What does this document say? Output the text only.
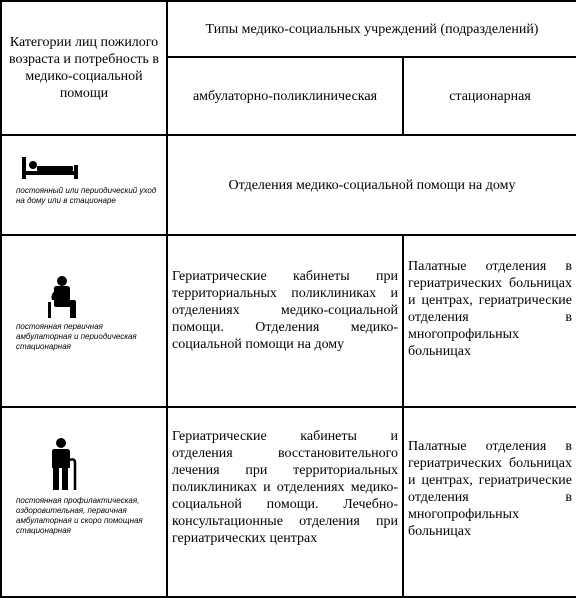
Категории лиц пожилого возраста и потребность в медико-социальной помощи	Типы медико-социальных учреждений (подразделений)	
	амбулаторно-поликлиническая	стационарная

постоянный или периодический уход на дому или в стационаре	Отделения медико-социальной помощи на дому	

постоянная первичная амбулаторная и периодическая стационарная	Гериатрические кабинеты при территориальных поликлиниках и отделениях медико-социальной помощи. Отделения медико-социальной помощи на дому	Палатные отделения в гериатрических больницах и центрах, гериатрические отделения в многопрофильных больницах

постоянная профилактическая, оздоровительная, первичная амбулаторная и скоро помощная стационарная	Гериатрические кабинеты и отделения восстановительного лечения при территориальных поликлиниках и отделениях медико-социальной помощи. Лечебно-консультационные отделения при гериатрических центрах	Палатные отделения в гериатрических больницах и центрах, гериатрические отделения в многопрофильных больницах
